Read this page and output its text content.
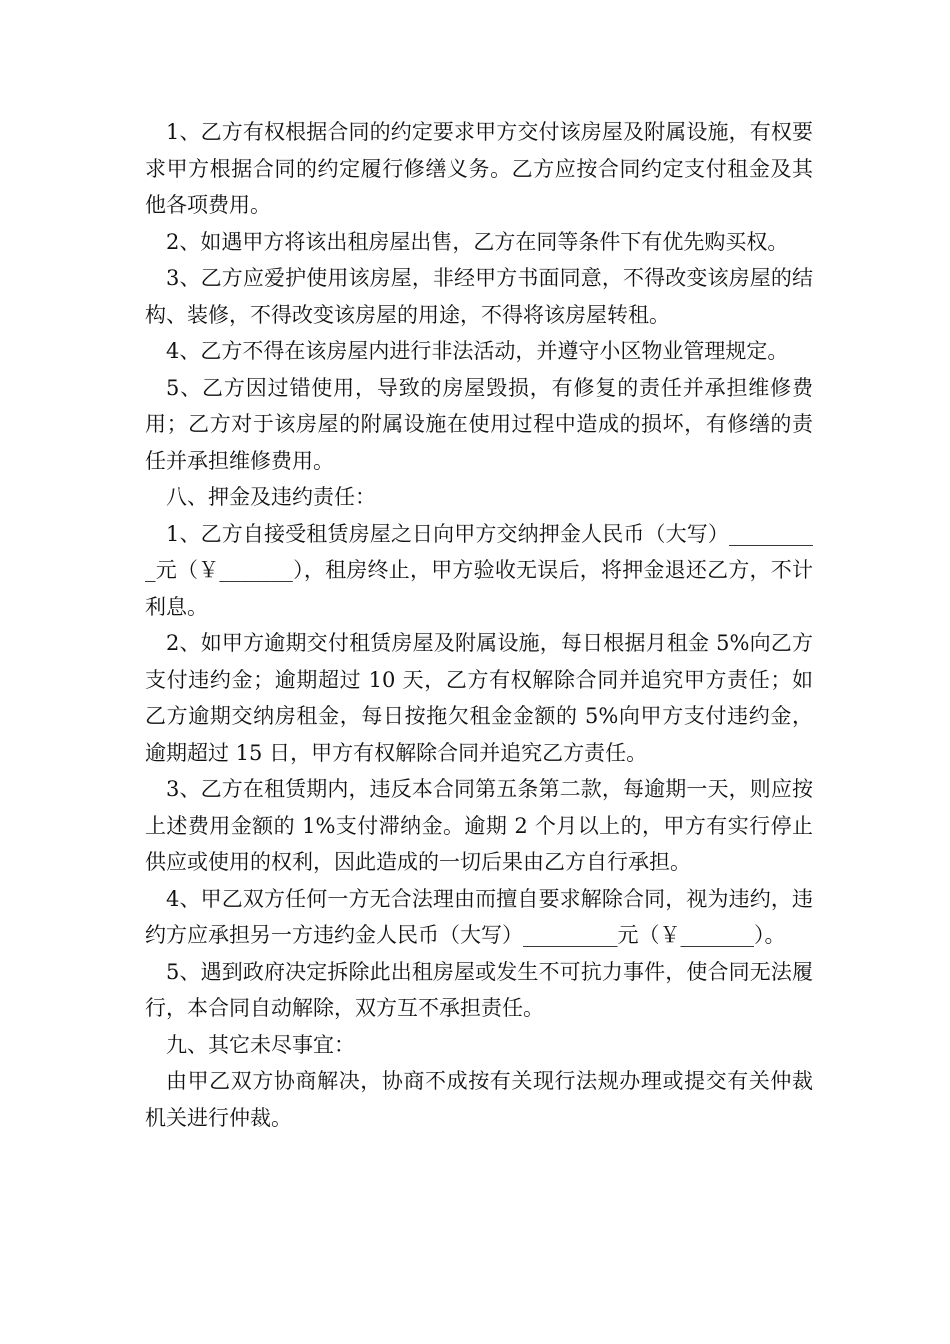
1、乙方有权根据合同的约定要求甲方交付该房屋及附属设施，有权要求甲方根据合同的约定履行修缮义务。乙方应按合同约定支付租金及其他各项费用。

2、如遇甲方将该出租房屋出售，乙方在同等条件下有优先购买权。

3、乙方应爱护使用该房屋，非经甲方书面同意，不得改变该房屋的结构、装修，不得改变该房屋的用途，不得将该房屋转租。

4、乙方不得在该房屋内进行非法活动，并遵守小区物业管理规定。

5、乙方因过错使用，导致的房屋毁损，有修复的责任并承担维修费用；乙方对于该房屋的附属设施在使用过程中造成的损坏，有修缮的责任并承担维修费用。

八、押金及违约责任：

1、乙方自接受租赁房屋之日向甲方交纳押金人民币（大写）_________元（￥_______），租房终止，甲方验收无误后，将押金退还乙方，不计利息。

2、如甲方逾期交付租赁房屋及附属设施，每日根据月租金 5%向乙方支付违约金；逾期超过 10 天，乙方有权解除合同并追究甲方责任；如乙方逾期交纳房租金，每日按拖欠租金金额的 5%向甲方支付违约金，逾期超过 15 日，甲方有权解除合同并追究乙方责任。

3、乙方在租赁期内，违反本合同第五条第二款，每逾期一天，则应按上述费用金额的 1%支付滞纳金。逾期 2 个月以上的，甲方有实行停止供应或使用的权利，因此造成的一切后果由乙方自行承担。

4、甲乙双方任何一方无合法理由而擅自要求解除合同，视为违约，违约方应承担另一方违约金人民币（大写）_________元（￥_______）。

5、遇到政府决定拆除此出租房屋或发生不可抗力事件，使合同无法履行，本合同自动解除，双方互不承担责任。

九、其它未尽事宜：

由甲乙双方协商解决，协商不成按有关现行法规办理或提交有关仲裁机关进行仲裁。
